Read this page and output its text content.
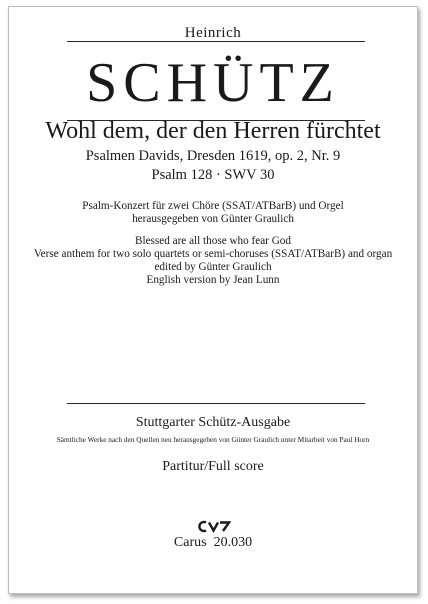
Heinrich
SCHÜTZ
Wohl dem, der den Herren fürchtet
Psalmen Davids, Dresden 1619, op. 2, Nr. 9
Psalm 128 · SWV 30
Psalm-Konzert für zwei Chöre (SSAT/ATBarB) und Orgel
herausgegeben von Günter Graulich
Blessed are all those who fear God
Verse anthem for two solo quartets or semi-choruses (SSAT/ATBarB) and organ
edited by Günter Graulich
English version by Jean Lunn
Stuttgarter Schütz-Ausgabe
Sämtliche Werke nach den Quellen neu herausgegeben von Günter Graulich unter Mitarbeit von Paul Horn
Partitur/Full score
Carus  20.030
